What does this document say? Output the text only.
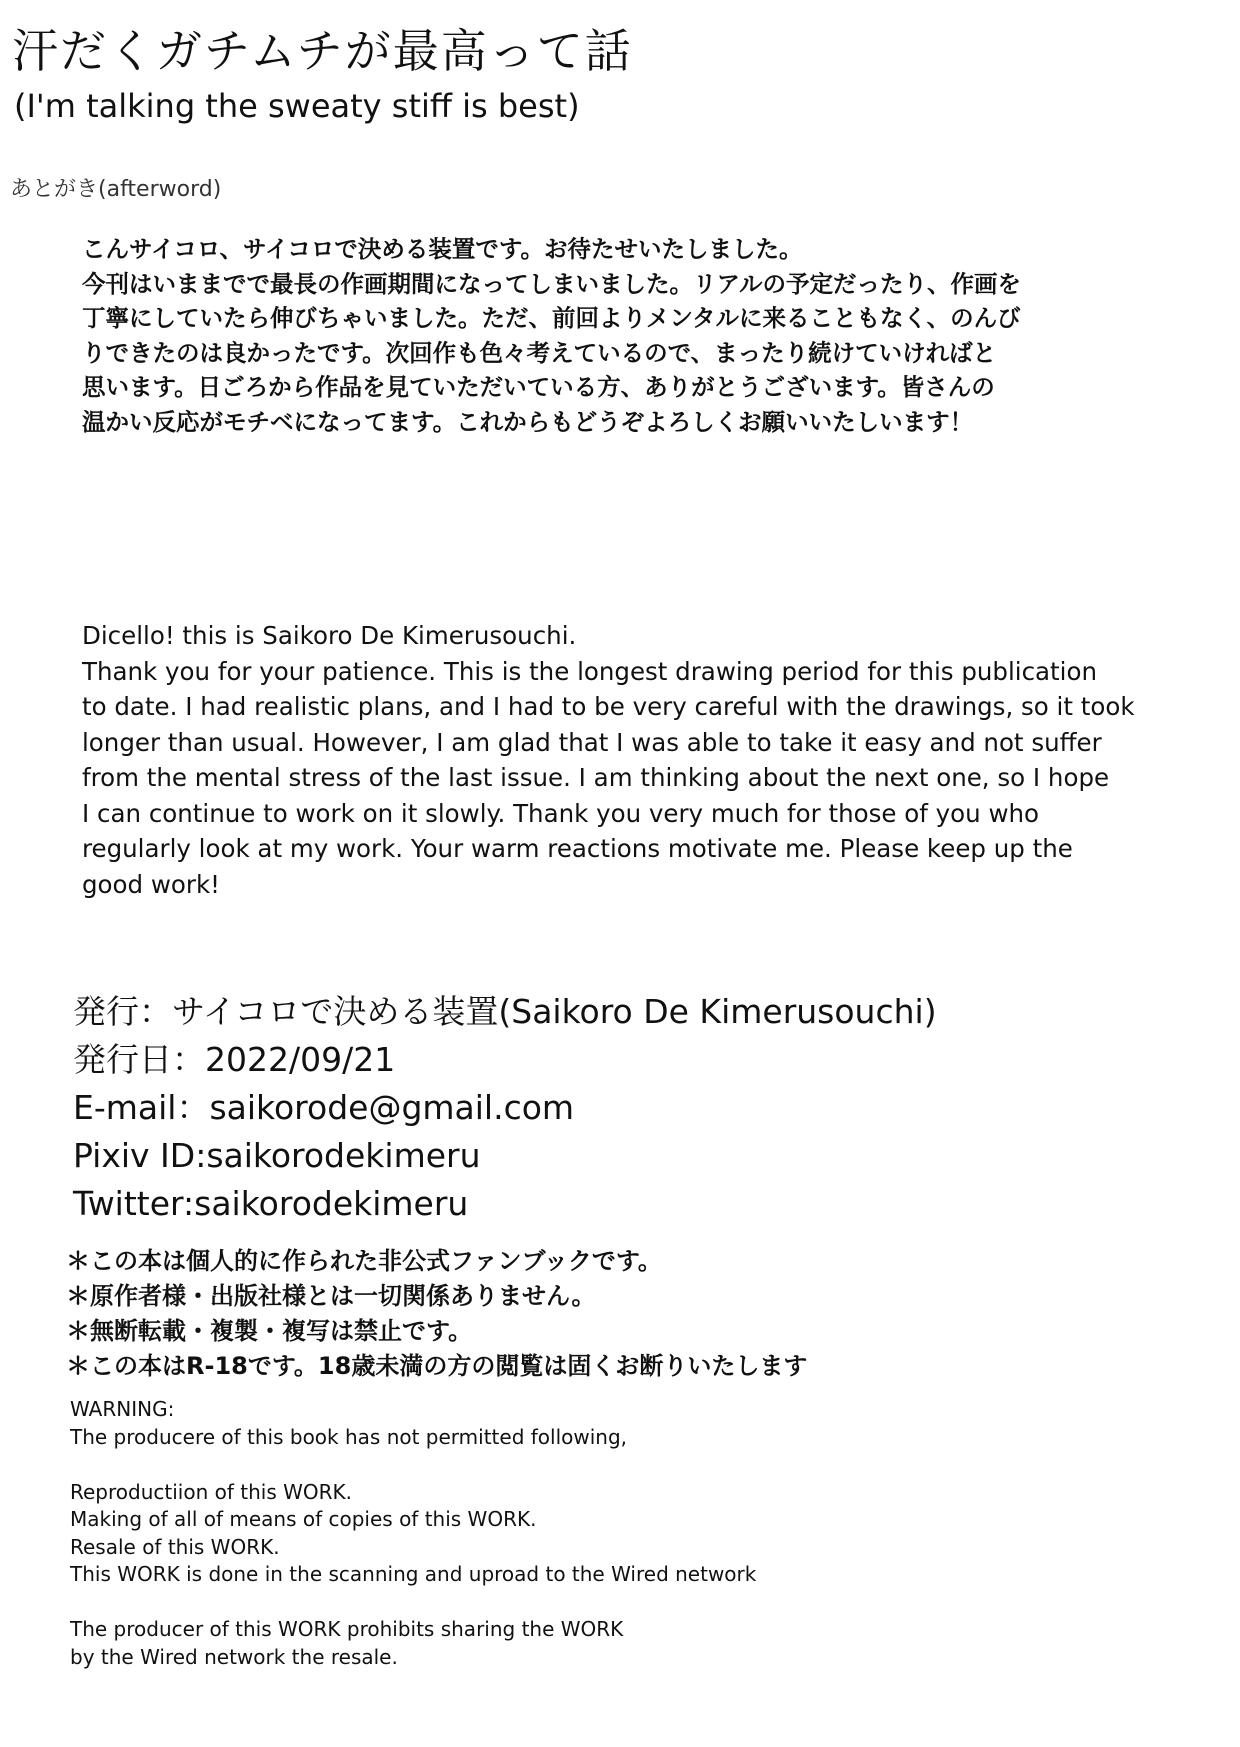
汗だくガチムチが最高って話
(I'm talking the sweaty stiff is best)
あとがき(afterword)
こんサイコロ、サイコロで決める装置です。お待たせいたしました。
今刊はいままでで最長の作画期間になってしまいました。リアルの予定だったり、作画を
丁寧にしていたら伸びちゃいました。ただ、前回よりメンタルに来ることもなく、のんび
りできたのは良かったです。次回作も色々考えているので、まったり続けていければと
思います。日ごろから作品を見ていただいている方、ありがとうございます。皆さんの
温かい反応がモチベになってます。これからもどうぞよろしくお願いいたしいます！
Dicello! this is Saikoro De Kimerusouchi.
Thank you for your patience. This is the longest drawing period for this publication
to date. I had realistic plans, and I had to be very careful with the drawings, so it took
longer than usual. However, I am glad that I was able to take it easy and not suffer
from the mental stress of the last issue. I am thinking about the next one, so I hope
I can continue to work on it slowly. Thank you very much for those of you who
regularly look at my work. Your warm reactions motivate me. Please keep up the
good work!
発行：サイコロで決める装置(Saikoro De Kimerusouchi)
発行日：2022/09/21
E-mail：saikorode@gmail.com
Pixiv ID:saikorodekimeru
Twitter:saikorodekimeru
＊この本は個人的に作られた非公式ファンブックです。
＊原作者様・出版社様とは一切関係ありません。
＊無断転載・複製・複写は禁止です。
＊この本はR-18です。18歳未満の方の閲覧は固くお断りいたします
WARNING:
The producere of this book has not permitted following,
Reproductiion of this WORK.
Making of all of means of copies of this WORK.
Resale of this WORK.
This WORK is done in the scanning and uproad to the Wired network
The producer of this WORK prohibits sharing the WORK
by the Wired network the resale.
